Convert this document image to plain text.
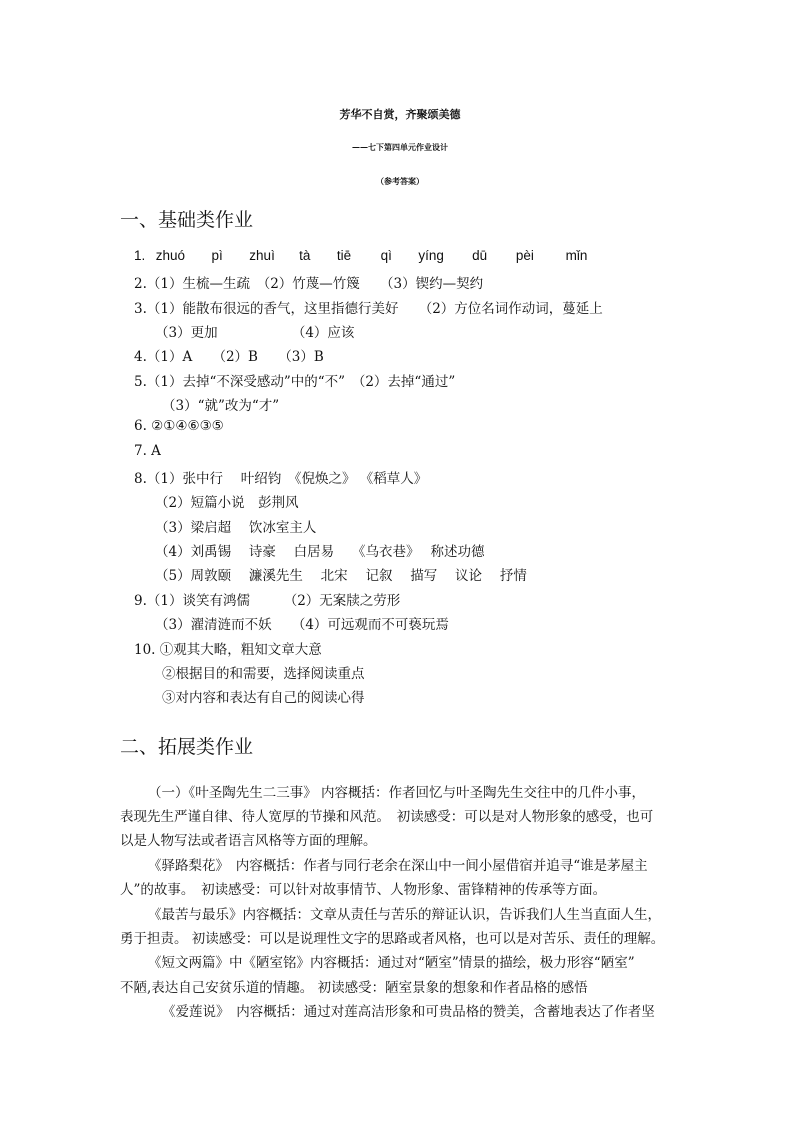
芳华不自赏，齐聚颂美德
——七下第四单元作业设计
（参考答案）
一、基础类作业
1. zhuó pì zhuì tà tiē qì yíng dū pèi mǐn
2.（1）生梳—生疏　（2）竹蔑—竹篾　　（3）锲约—契约
3.（1）能散布很远的香气，这里指德行美好　　（2）方位名词作动词，蔓延上
（3）更加　　　　　　（4）应该
4.（1）A　　（2）B　　（3）B
5.（1）去掉“不深受感动”中的“不”　（2）去掉“通过”
（3）“就”改为“才”
6. ②①④⑥③⑤
7. A
8.（1）张中行　 叶绍钧　《倪焕之》 《稻草人》
（2）短篇小说　彭荆风
（3）梁启超　 饮冰室主人
（4）刘禹锡　 诗豪　 白居易　 《乌衣巷》　 称述功德
（5）周敦颐　 濂溪先生　 北宋　 记叙　 描写　 议论　 抒情
9.（1）谈笑有鸿儒　　　（2）无案牍之劳形
（3）濯清涟而不妖　　（4）可远观而不可亵玩焉
10. ①观其大略，粗知文章大意
②根据目的和需要，选择阅读重点
③对内容和表达有自己的阅读心得
二、拓展类作业
（一）《叶圣陶先生二三事》 内容概括：作者回忆与叶圣陶先生交往中的几件小事，
表现先生严谨自律、待人宽厚的节操和风范。　初读感受：可以是对人物形象的感受，也可
以是人物写法或者语言风格等方面的理解。
《驿路梨花》　内容概括：作者与同行老余在深山中一间小屋借宿并追寻“谁是茅屋主
人”的故事。　初读感受：可以针对故事情节、人物形象、雷锋精神的传承等方面。
《最苦与最乐》内容概括：文章从责任与苦乐的辩证认识，告诉我们人生当直面人生，
勇于担责。 初读感受：可以是说理性文字的思路或者风格，也可以是对苦乐、责任的理解。
《短文两篇》中《陋室铭》内容概括：通过对“陋室”情景的描绘，极力形容“陋室”
不陋,表达自己安贫乐道的情趣。 初读感受：陋室景象的想象和作者品格的感悟
《爱莲说》　内容概括：通过对莲高洁形象和可贵品格的赞美，含蓄地表达了作者坚
